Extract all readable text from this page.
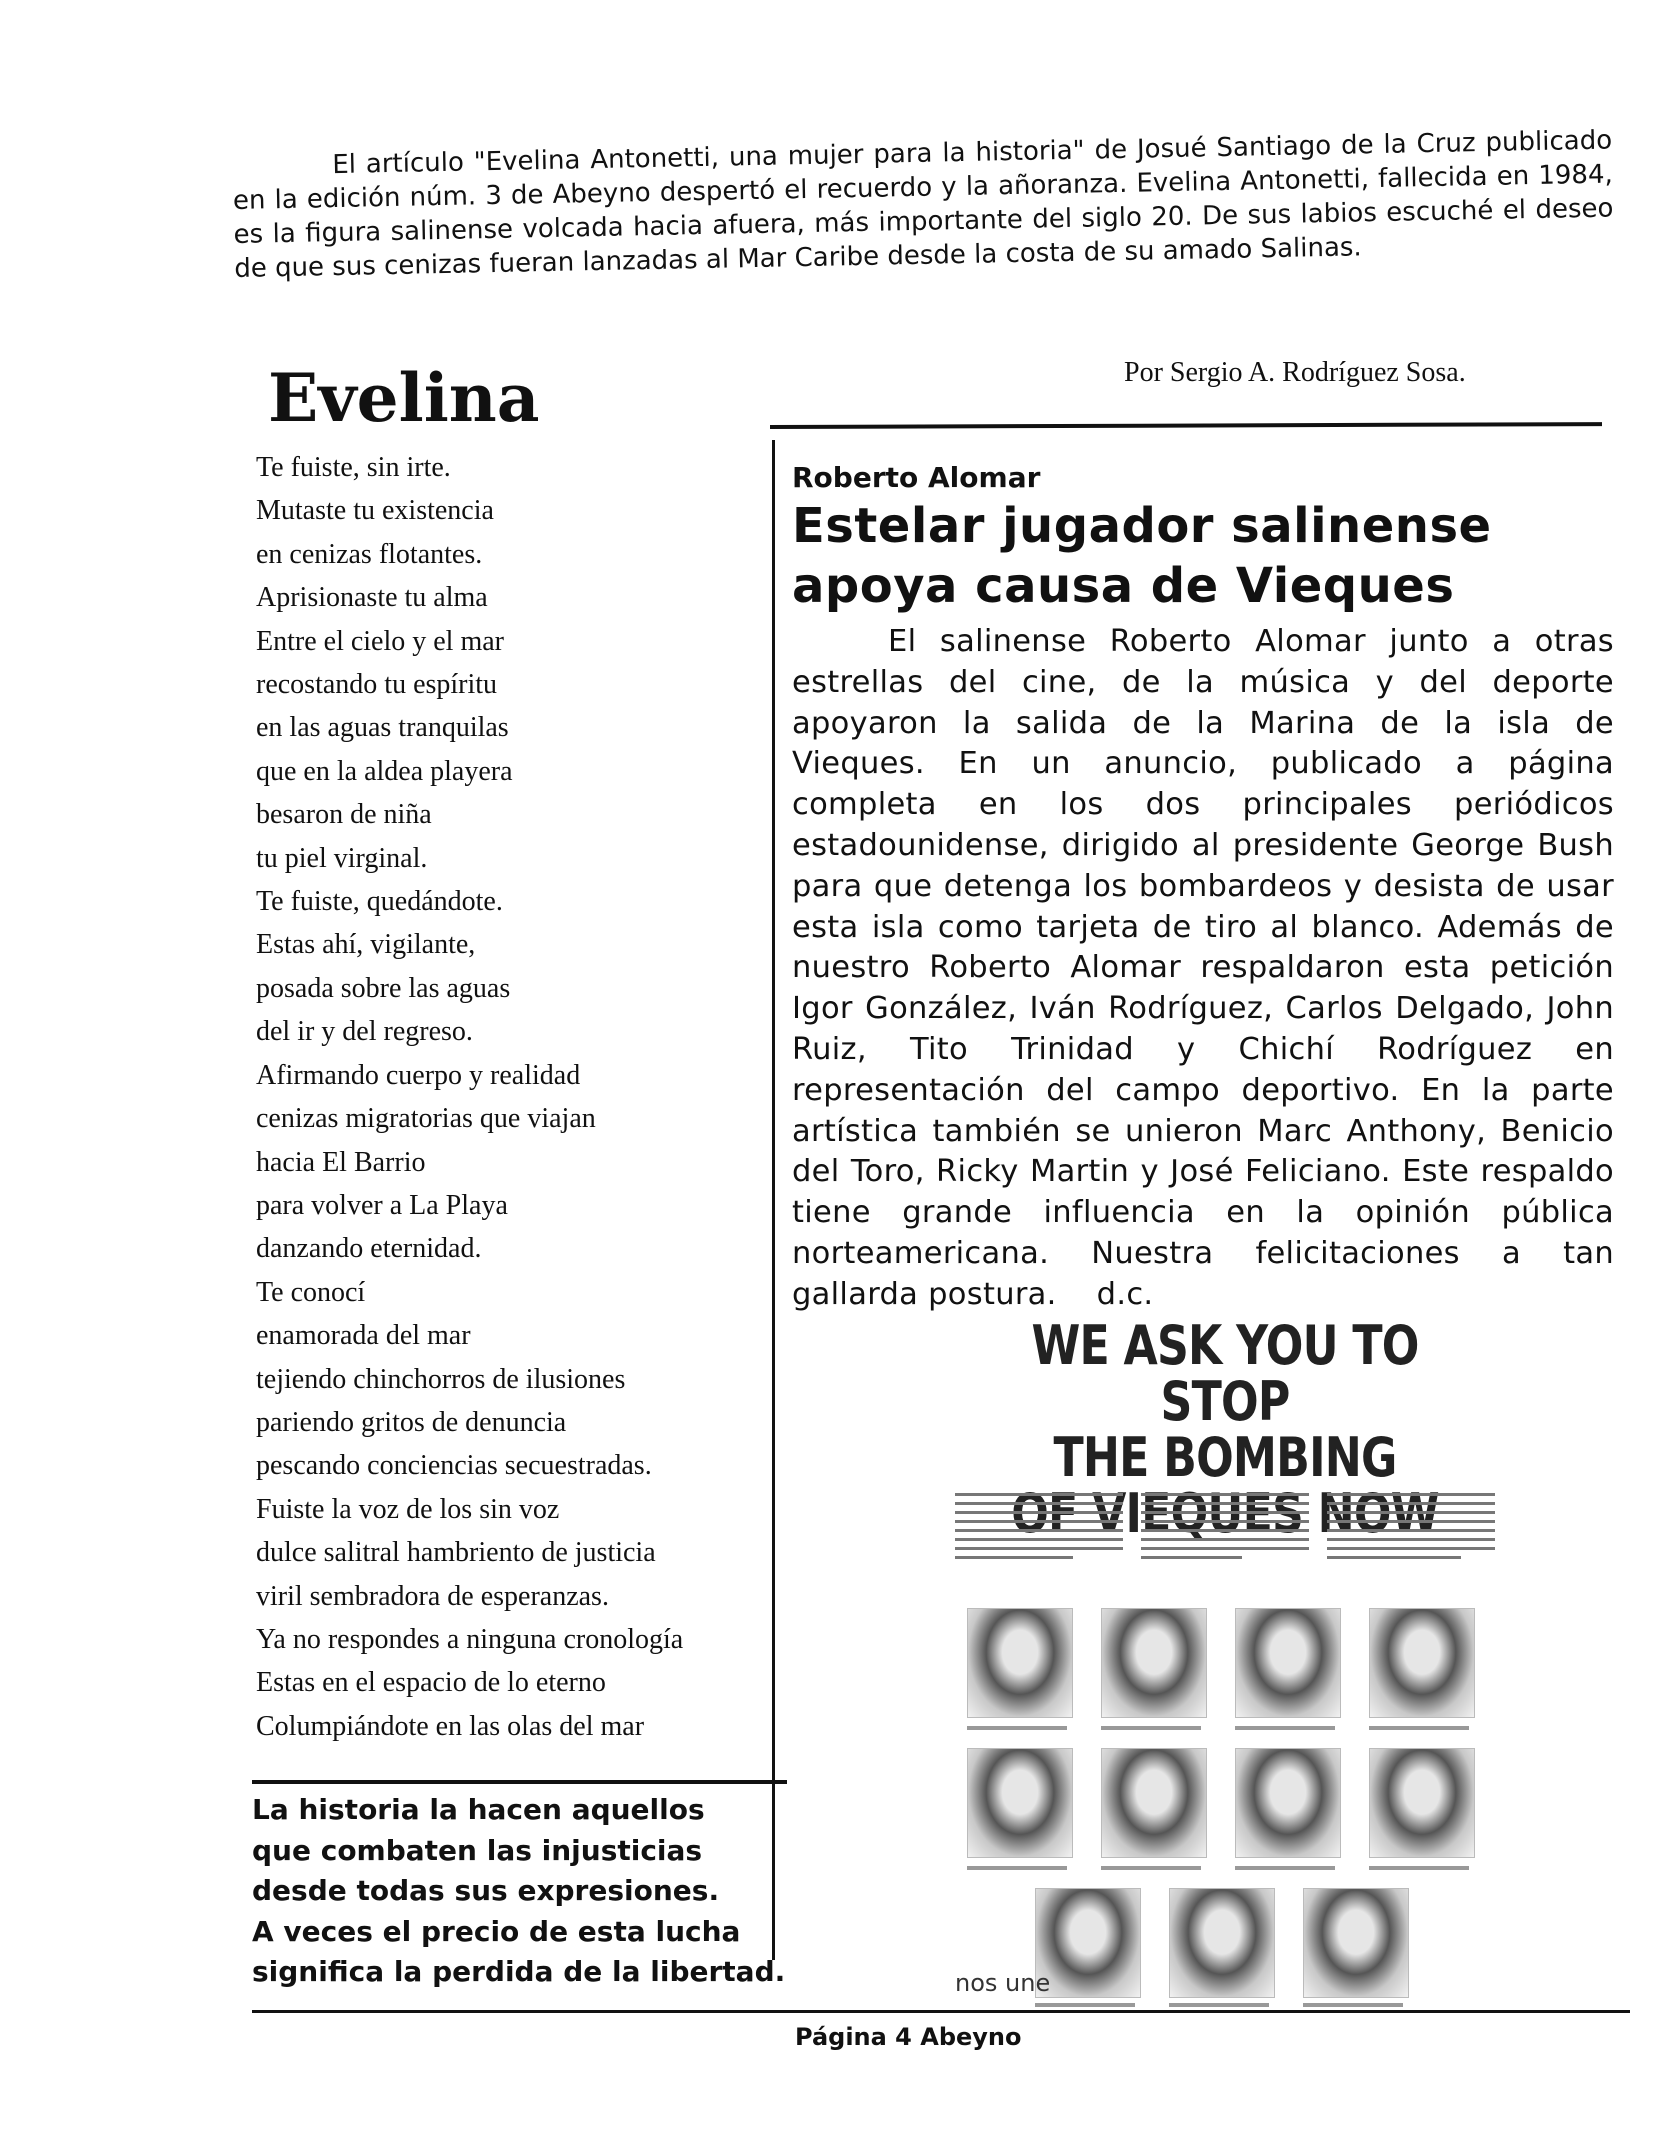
El artículo "Evelina Antonetti, una mujer para la historia" de Josué Santiago de la Cruz publicado en la edición núm. 3 de Abeyno despertó el recuerdo y la añoranza. Evelina Antonetti, fallecida en 1984, es la figura salinense volcada hacia afuera, más importante del siglo 20. De sus labios escuché el deseo de que sus cenizas fueran lanzadas al Mar Caribe desde la costa de su amado Salinas.

Evelina	Por Sergio A. Rodríguez Sosa.
Te fuiste, sin irte.
Mutaste tu existencia
en cenizas flotantes.
Aprisionaste tu alma
Entre el cielo y el mar
recostando tu espíritu
en las aguas tranquilas
que en la aldea playera
besaron de niña
tu piel virginal.
Te fuiste, quedándote.
Estas ahí, vigilante,
posada sobre las aguas
del ir y del regreso.
Afirmando cuerpo y realidad
cenizas migratorias que viajan
hacia El Barrio
para volver a La Playa
danzando eternidad.
Te conocí
enamorada del mar
tejiendo chinchorros de ilusiones
pariendo gritos de denuncia
pescando conciencias secuestradas.
Fuiste la voz de los sin voz
dulce salitral hambriento de justicia
viril sembradora de esperanzas.
Ya no respondes a ninguna cronología
Estas en el espacio de lo eterno
Columpiándote en las olas del mar

Roberto Alomar

Estelar jugador salinense

apoya causa de Vieques

El salinense Roberto Alomar junto a otras estrellas del cine, de la música y del deporte apoyaron la salida de la Marina de la isla de Vieques. En un anuncio, publicado a página completa en los dos principales periódicos estadounidense, dirigido al presidente George Bush para que detenga los bombardeos y desista de usar esta isla como tarjeta de tiro al blanco. Además de nuestro Roberto Alomar respaldaron esta petición Igor González, Iván Rodríguez, Carlos Delgado, John Ruiz, Tito Trinidad y Chichí Rodríguez en representación del campo deportivo. En la parte artística también se unieron Marc Anthony, Benicio del Toro, Ricky Martin y José Feliciano. Este respaldo tiene grande influencia en la opinión pública norteamericana. Nuestra felicitaciones a tan gallarda postura. d.c.

WE ASK YOU TO STOP

THE BOMBING

nos une

La historia la hacen aquellos

que combaten las injusticias

desde todas sus expresiones.

A veces el precio de esta lucha

significa la perdida de la libertad.

Página 4 Abeyno
